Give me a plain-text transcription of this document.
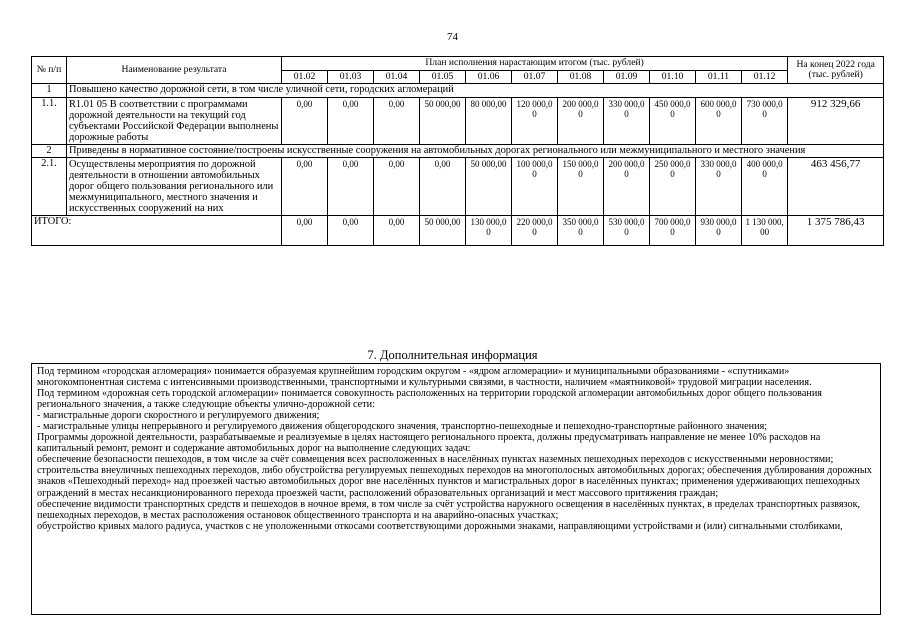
74
№ п/п	Наименование результата	План исполнения нарастающим итогом (тыс. рублей)											На конец 2022 года (тыс. рублей)
		01.02	01.03	01.04	01.05	01.06	01.07	01.08	01.09	01.10	01.11	01.12	
1	Повышено качество дорожной сети, в том числе уличной сети, городских агломераций												
1.1.	R1.01 05 В соответствии с программами дорожной деятельности на текущий год субъектами Российской Федерации выполнены дорожные работы	0,00	0,00	0,00	50 000,00	80 000,00	120 000,0 0	200 000,0 0	330 000,0 0	450 000,0 0	600 000,0 0	730 000,0 0	912 329,66
2	Приведены в нормативное состояние/построены искусственные сооружения на автомобильных дорогах регионального или межмуниципального и местного значения												
2.1.	Осуществлены мероприятия по дорожной деятельности в отношении автомобильных дорог общего пользования регионального или межмуниципального, местного значения и искусственных сооружений на них	0,00	0,00	0,00	0,00	50 000,00	100 000,0 0	150 000,0 0	200 000,0 0	250 000,0 0	330 000,0 0	400 000,0 0	463 456,77
ИТОГО:		0,00	0,00	0,00	50 000,00	130 000,0 0	220 000,0 0	350 000,0 0	530 000,0 0	700 000,0 0	930 000,0 0	1 130 000, 00	1 375 786,43
7. Дополнительная информация

Под термином «городская агломерация» понимается образуемая крупнейшим городским округом - «ядром агломерации» и муниципальными образованиями - «спутниками» многокомпонентная система с интенсивными производственными, транспортными и культурными связями, в частности, наличием «маятниковой» трудовой миграции населения.

Под термином «дорожная сеть городской агломерации» понимается совокупность расположенных на территории городской агломерации автомобильных дорог общего пользования регионального значения, а также следующие объекты улично-дорожной сети:

- магистральные дороги скоростного и регулируемого движения;

- магистральные улицы непрерывного и регулируемого движения общегородского значения, транспортно-пешеходные и пешеходно-транспортные районного значения;

Программы дорожной деятельности, разрабатываемые и реализуемые в целях настоящего регионального проекта, должны предусматривать направление не менее 10% расходов на капитальный ремонт, ремонт и содержание автомобильных дорог на выполнение следующих задач:

обеспечение безопасности пешеходов, в том числе за счёт совмещения всех расположенных в населённых пунктах наземных пешеходных переходов с искусственными неровностями; строительства внеуличных пешеходных переходов, либо обустройства регулируемых пешеходных переходов на многополосных автомобильных дорогах; обеспечения дублирования дорожных знаков «Пешеходный переход» над проезжей частью автомобильных дорог вне населённых пунктов и магистральных дорог в населённых пунктах; применения удерживающих пешеходных ограждений в местах несанкционированного перехода проезжей части, расположений образовательных организаций и мест массового притяжения граждан;

обеспечение видимости транспортных средств и пешеходов в ночное время, в том числе за счёт устройства наружного освещения в населённых пунктах, в пределах транспортных развязок, пешеходных переходов, в местах расположения остановок общественного транспорта и на аварийно-опасных участках;

обустройство кривых малого радиуса, участков с не уположенными откосами соответствующими дорожными знаками, направляющими устройствами и (или) сигнальными столбиками,
